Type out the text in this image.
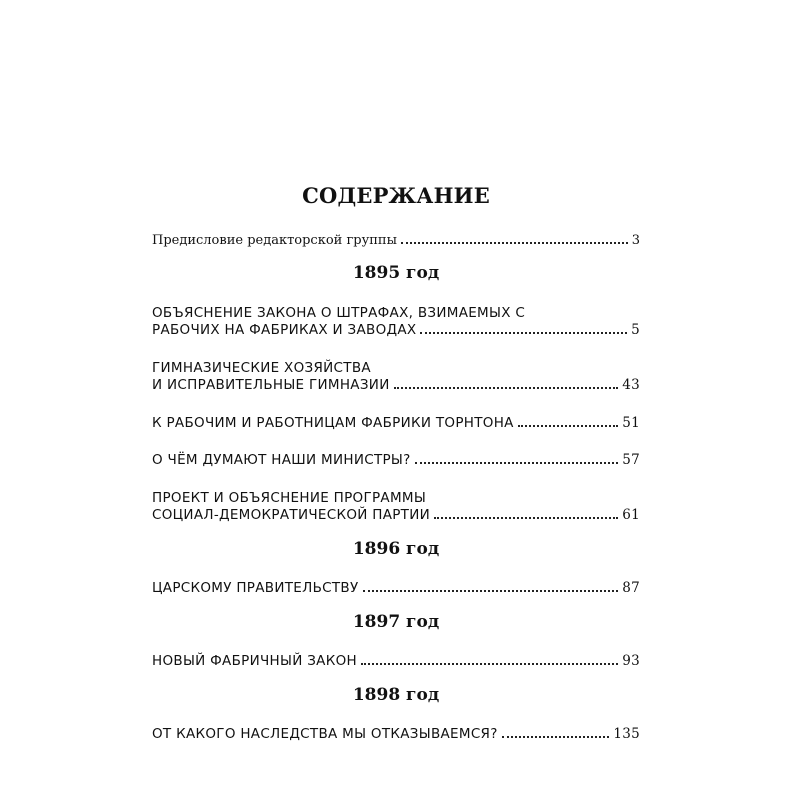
СОДЕРЖАНИЕ
Предисловие редакторской группы	3
1895 год
ОБЪЯСНЕНИЕ ЗАКОНА О ШТРАФАХ, ВЗИМАЕМЫХ С
РАБОЧИХ НА ФАБРИКАХ И ЗАВОДАХ	5
ГИМНАЗИЧЕСКИЕ ХОЗЯЙСТВА
И ИСПРАВИТЕЛЬНЫЕ ГИМНАЗИИ	43
К РАБОЧИМ И РАБОТНИЦАМ ФАБРИКИ ТОРНТОНА	51
О ЧЁМ ДУМАЮТ НАШИ МИНИСТРЫ?	57
ПРОЕКТ И ОБЪЯСНЕНИЕ ПРОГРАММЫ
СОЦИАЛ-ДЕМОКРАТИЧЕСКОЙ ПАРТИИ	61
1896 год
ЦАРСКОМУ ПРАВИТЕЛЬСТВУ	87
1897 год
НОВЫЙ ФАБРИЧНЫЙ ЗАКОН	93
1898 год
ОТ КАКОГО НАСЛЕДСТВА МЫ ОТКАЗЫВАЕМСЯ?	135
